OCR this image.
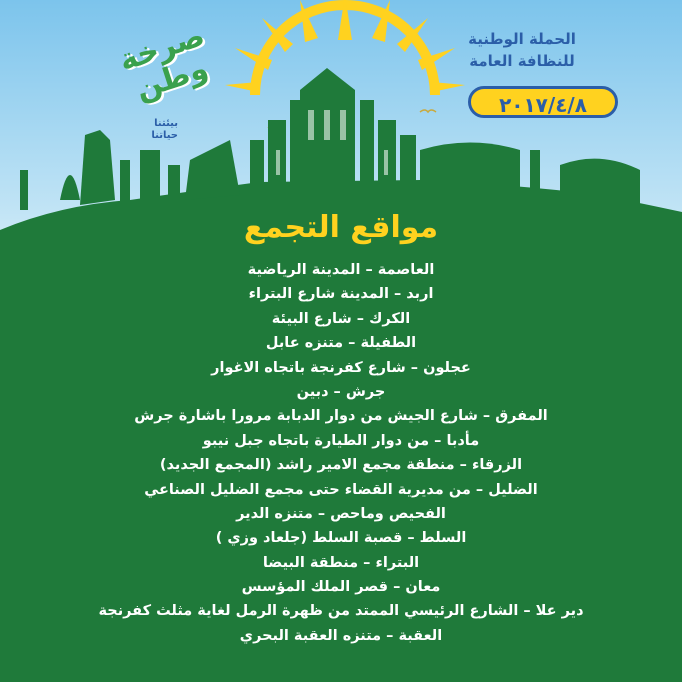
الحملة الوطنية
للنظافة العامة
٢٠١٧/٤/٨
صرخة وطن
بيئتنا
حياتنا
مواقع التجمع
العاصمة – المدينة الرياضية
اربد – المدينة شارع البتراء
الكرك – شارع البيئة
الطفيلة – متنزه عابل
عجلون – شارع كفرنجة باتجاه الاغوار
جرش – دبين
المفرق – شارع الجيش من دوار الدبابة مرورا باشارة جرش
مأدبا – من دوار الطيارة باتجاه جبل نيبو
الزرقاء – منطقة مجمع الامير راشد (المجمع الجديد)
الضليل – من مديرية القضاء حتى مجمع الضليل الصناعي
الفحيص وماحص – متنزه الدير
السلط – قصبة السلط (جلعاد وزي )
البتراء – منطقة البيضا
معان – قصر الملك المؤسس
دير علا – الشارع الرئيسي الممتد من ظهرة الرمل لغاية مثلث كفرنجة
العقبة – متنزه العقبة البحري
